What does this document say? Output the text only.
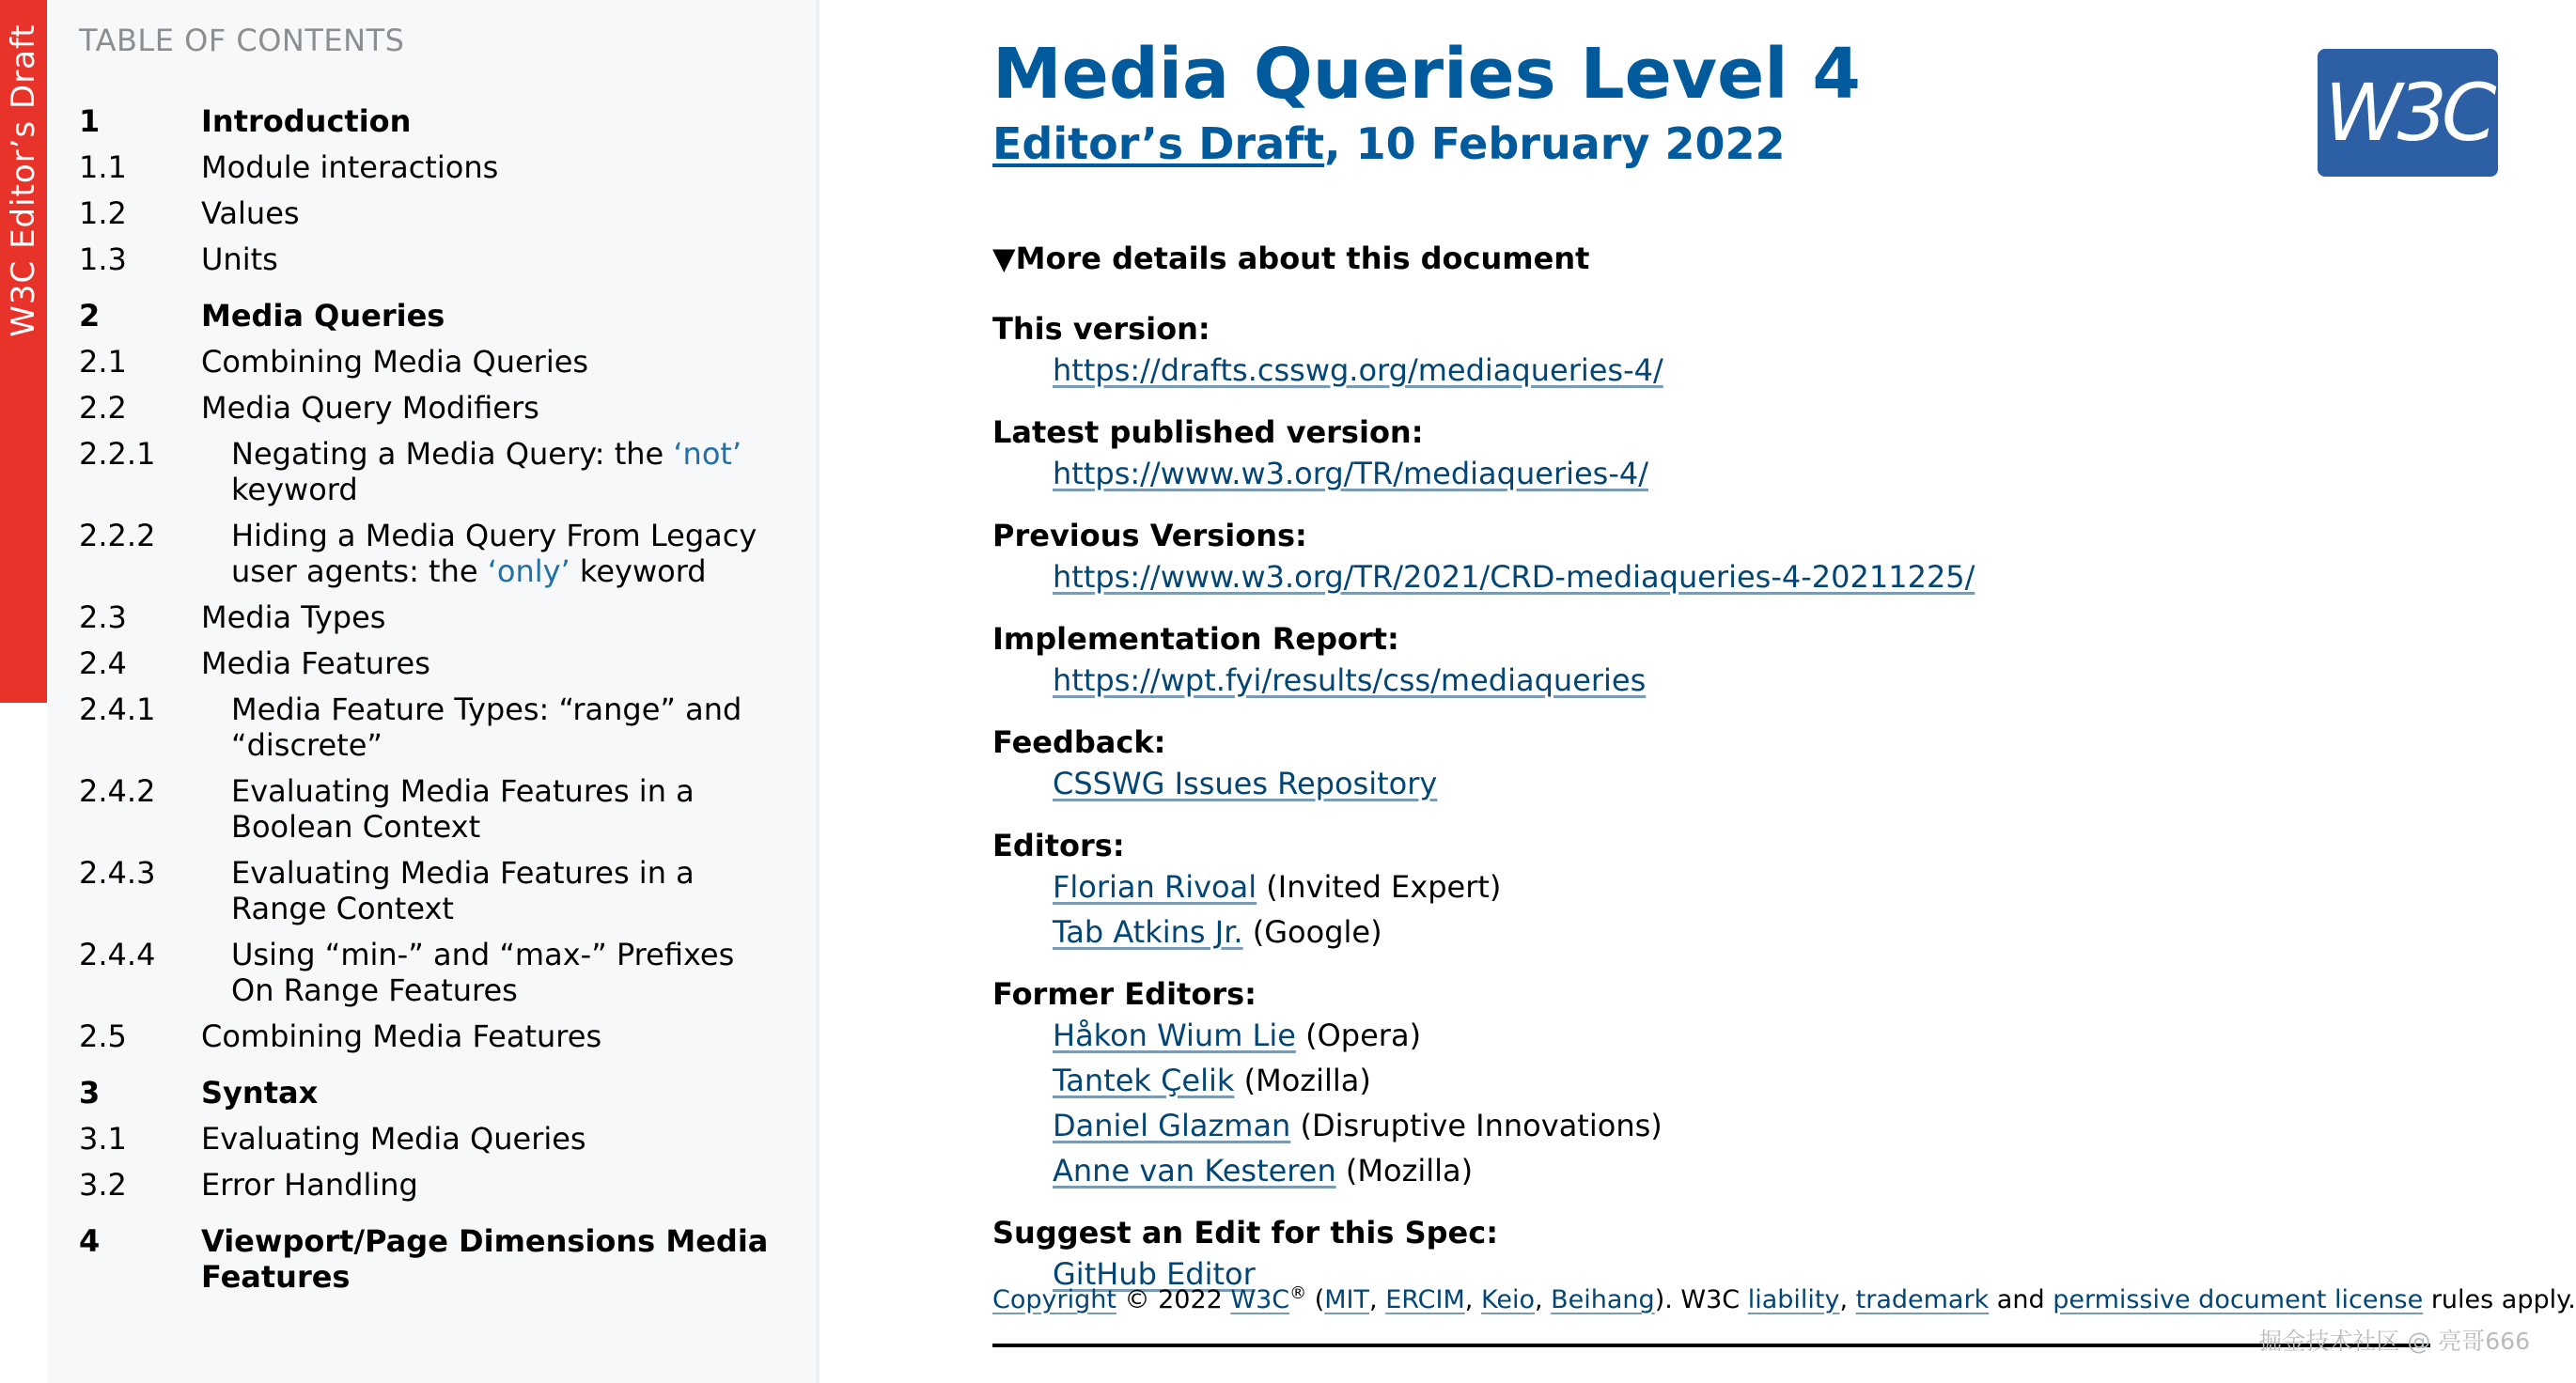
W3C Editor’s Draft TABLE OF CONTENTS
1	Introduction
1.1	Module interactions
1.2	Values
1.3	Units
2	Media Queries
2.1	Combining Media Queries
2.2	Media Query Modifiers
2.2.1	Negating a Media Query: the ‘not’ keyword
2.2.2	Hiding a Media Query From Legacy user agents: the ‘only’ keyword
2.3	Media Types
2.4	Media Features
2.4.1	Media Feature Types: “range” and “discrete”
2.4.2	Evaluating Media Features in a Boolean Context
2.4.3	Evaluating Media Features in a Range Context
2.4.4	Using “min-” and “max-” Prefixes On Range Features
2.5	Combining Media Features
3	Syntax
3.1	Evaluating Media Queries
3.2	Error Handling
4	Viewport/Page Dimensions Media Features
Media Queries Level 4
Editor’s Draft, 10 February 2022
▼More details about this document
This version:
https://drafts.csswg.org/mediaqueries-4/
Latest published version:
https://www.w3.org/TR/mediaqueries-4/
Previous Versions:
https://www.w3.org/TR/2021/CRD-mediaqueries-4-20211225/
Implementation Report:
https://wpt.fyi/results/css/mediaqueries
Feedback:
CSSWG Issues Repository
Editors:
Florian Rivoal (Invited Expert)
Tab Atkins Jr. (Google)
Former Editors:
Håkon Wium Lie (Opera)
Tantek Çelik (Mozilla)
Daniel Glazman (Disruptive Innovations)
Anne van Kesteren (Mozilla)
Suggest an Edit for this Spec:
GitHub Editor
W3C
Copyright © 2022 W3C® (MIT, ERCIM, Keio, Beihang). W3C liability, trademark and permissive document license rules apply.
掘金技术社区 @ 亮哥666
